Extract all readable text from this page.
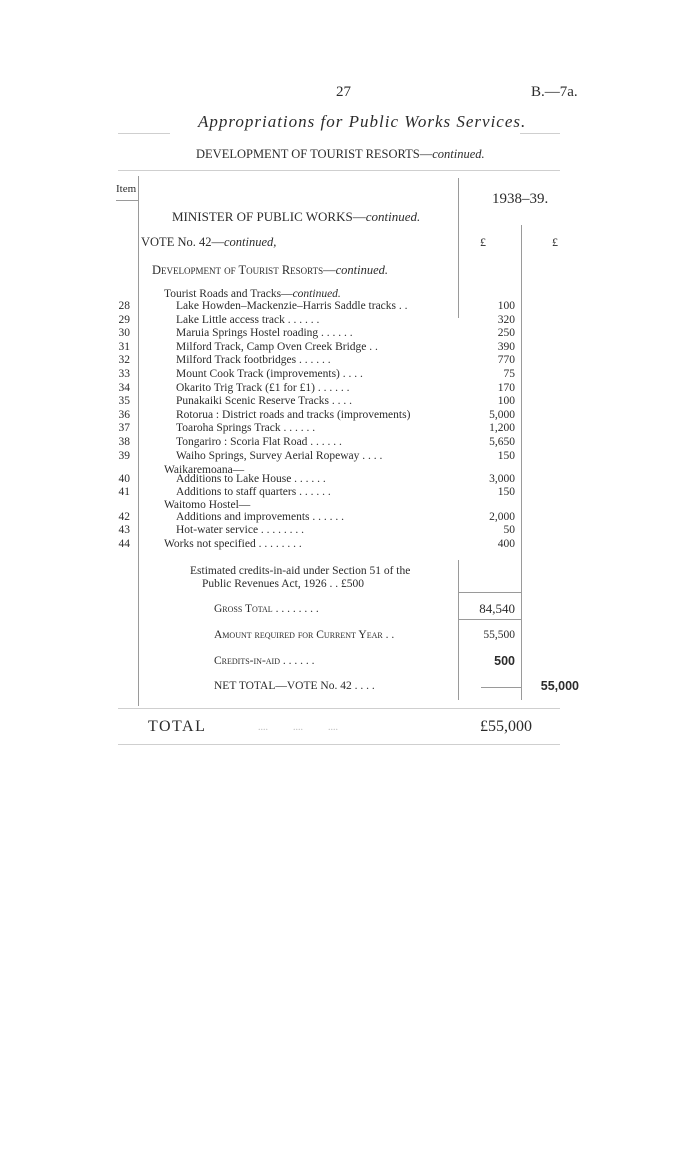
27	B.—7a.
Appropriations for Public Works Services.
DEVELOPMENT OF TOURIST RESORTS—continued.
Item
1938–39.
MINISTER OF PUBLIC WORKS—continued.
VOTE No. 42—continued,	£	£
Development of Tourist Resorts—continued.
Tourist Roads and Tracks—continued.
28	Lake Howden–Mackenzie–Harris Saddle tracks . .	100
29	Lake Little access track . . . . . .	320
30	Maruia Springs Hostel roading . . . . . .	250
31	Milford Track, Camp Oven Creek Bridge . .	390
32	Milford Track footbridges . . . . . .	770
33	Mount Cook Track (improvements) . . . .	75
34	Okarito Trig Track (£1 for £1) . . . . . .	170
35	Punakaiki Scenic Reserve Tracks . . . .	100
36	Rotorua : District roads and tracks (improvements)	5,000
37	Toaroha Springs Track . . . . . .	1,200
38	Tongariro : Scoria Flat Road . . . . . .	5,650
39	Waiho Springs, Survey Aerial Ropeway . . . .	150
Waikaremoana—
40	Additions to Lake House . . . . . .	3,000
41	Additions to staff quarters . . . . . .	150
Waitomo Hostel—
42	Additions and improvements . . . . . .	2,000
43	Hot-water service . . . . . . . .	50
44	Works not specified . . . . . . . .	400
Estimated credits-in-aid under Section 51 of the
Public Revenues Act, 1926 . . £500
Gross Total . . . . . . . .	84,540
Amount required for Current Year . .	55,500
Credits-in-aid . . . . . .	500
NET TOTAL—VOTE No. 42 . . . .	55,000
TOTAL	....          ....          ....	£55,000
